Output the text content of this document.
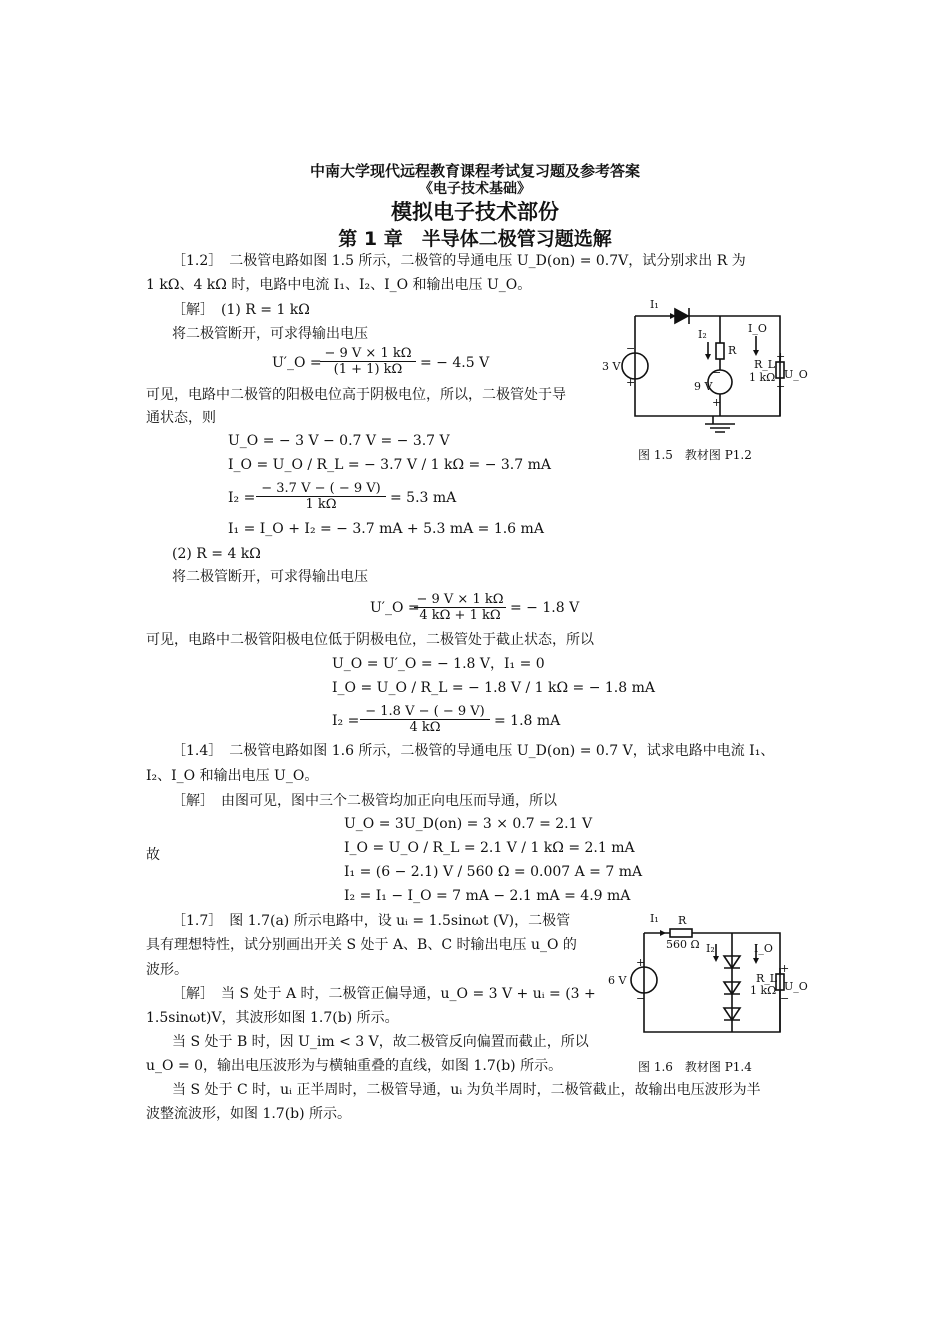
中南大学现代远程教育课程考试复习题及参考答案
《电子技术基础》
模拟电子技术部份
第 1 章　半导体二极管习题选解
［1.2］　二极管电路如图 1.5 所示，二极管的导通电压 U_D(on) = 0.7V，试分别求出 R 为
1 kΩ、4 kΩ 时，电路中电流 I₁、I₂、I_O 和输出电压 U_O。
［解］　(1) R = 1 kΩ
将二极管断开，可求得输出电压
U′_O =
$\frac{- 9 V \times 1 k\Omega}{(1 + 1) k\Omega}$ = − 4.5 V
可见，电路中二极管的阳极电位高于阴极电位，所以，二极管处于导
通状态，则
U_O = − 3 V − 0.7 V = − 3.7 V
I_O = U_O / R_L = − 3.7 V / 1 kΩ = − 3.7 mA
$I_2 = \frac{- 3.7 V - ( - 9 V)}{1 k\Omega} = 5.3$ mA
I₁ = I_O + I₂ = − 3.7 mA + 5.3 mA = 1.6 mA
(2) R = 4 kΩ
将二极管断开，可求得输出电压
U′_O =
$\frac{- 9 V \times 1 k\Omega}{4 k\Omega + 1 k\Omega}$ = − 1.8 V
可见，电路中二极管阳极电位低于阴极电位，二极管处于截止状态，所以
U_O = U′_O = − 1.8 V，I₁ = 0
I_O = U_O / R_L = − 1.8 V / 1 kΩ = − 1.8 mA
$I_2 = \frac{- 1.8 V - ( - 9 V)}{4 k\Omega} = 1.8$ mA
I₁
I₂	I_O
R
3 V
9 V
R_L
1 kΩ U_O
−
+
−
+
+
−
图 1.5　教材图 P1.2
［1.4］　二极管电路如图 1.6 所示，二极管的导通电压 U_D(on) = 0.7 V，试求电路中电流 I₁、
I₂、I_O 和输出电压 U_O。
［解］　由图可见，图中三个二极管均加正向电压而导通，所以
U_O = 3U_D(on) = 3 × 0.7 = 2.1 V
故	I_O = U_O / R_L = 2.1 V / 1 kΩ = 2.1 mA
I₁ = (6 − 2.1) V / 560 Ω = 0.007 A = 7 mA
I₂ = I₁ − I_O = 7 mA − 2.1 mA = 4.9 mA
I₁ R
560 Ω I₂	I_O
6 V	R_L
1 kΩ U_O
+
−
+
−
图 1.6　教材图 P1.4
［1.7］　图 1.7(a) 所示电路中，设 uᵢ = 1.5sinωt (V)，二极管
具有理想特性，试分别画出开关 S 处于 A、B、C 时输出电压 u_O 的
波形。
［解］　当 S 处于 A 时，二极管正偏导通，u_O = 3 V + uᵢ = (3 +
1.5sinωt)V，其波形如图 1.7(b) 所示。
当 S 处于 B 时，因 U_im < 3 V，故二极管反向偏置而截止，所以
u_O = 0，输出电压波形为与横轴重叠的直线，如图 1.7(b) 所示。
当 S 处于 C 时，uᵢ 正半周时，二极管导通，uᵢ 为负半周时，二极管截止，故输出电压波形为半
波整流波形，如图 1.7(b) 所示。
